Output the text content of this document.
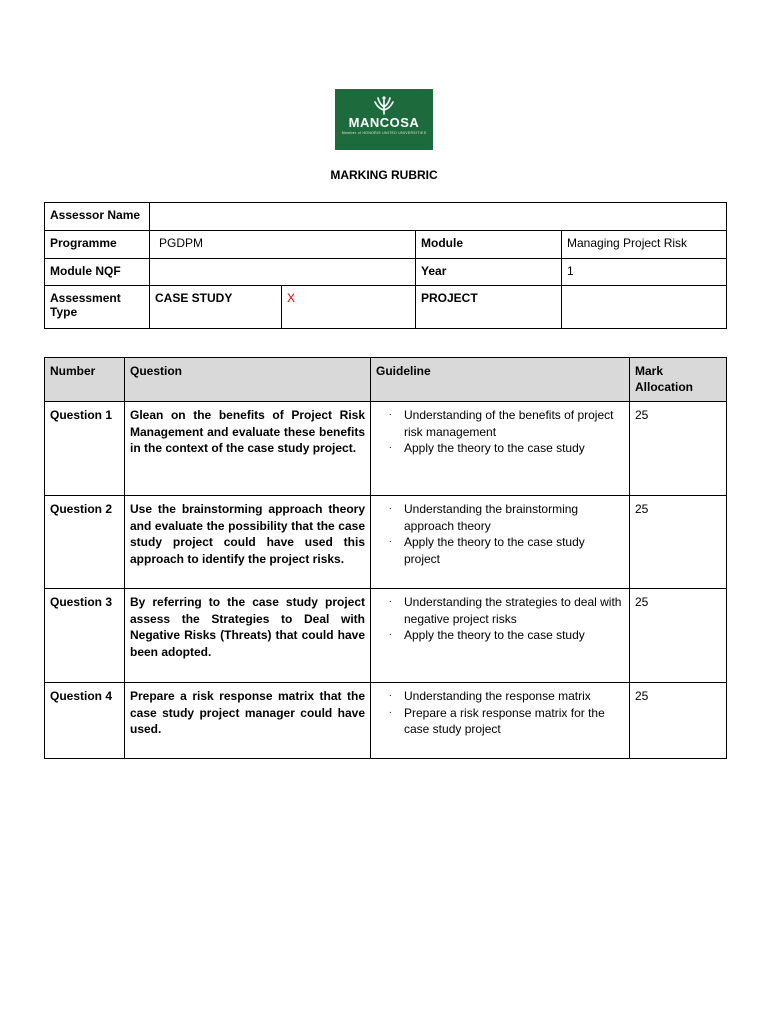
MANCOSA
Member of HONORIS UNITED UNIVERSITIES
MARKING RUBRIC
Assessor Name				
Programme	PGDPM		Module	Managing Project Risk
Module NQF			Year	1
Assessment Type	CASE STUDY	X	PROJECT	
Number	Question	Guideline	Mark Allocation
Question 1	Glean on the benefits of Project Risk Management and evaluate these benefits in the context of the case study project.	· Understanding of the benefits of project risk management
· Apply the theory to the case study	25
Question 2	Use the brainstorming approach theory and evaluate the possibility that the case study project could have used this approach to identify the project risks.	· Understanding the brainstorming approach theory
· Apply the theory to the case study project	25
Question 3	By referring to the case study project assess the Strategies to Deal with Negative Risks (Threats) that could have been adopted.	· Understanding the strategies to deal with negative project risks
· Apply the theory to the case study	25
Question 4	Prepare a risk response matrix that the case study project manager could have used.	· Understanding the response matrix
· Prepare a risk response matrix for the case study project	25
